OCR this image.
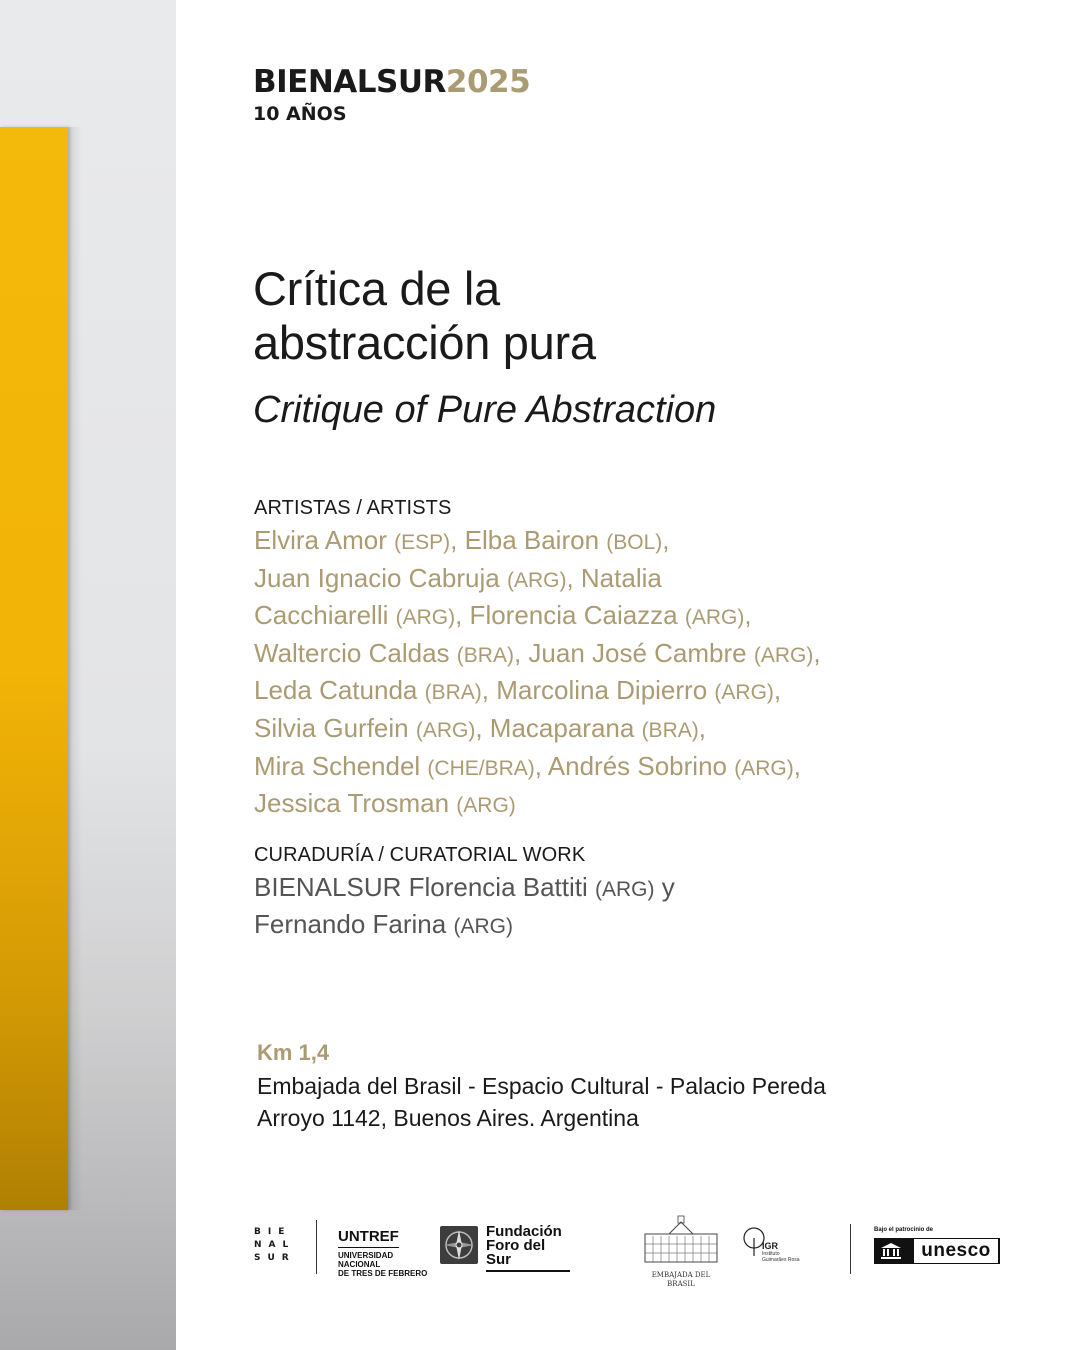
BIENALSUR2025
10 AÑOS
Crítica de la
abstracción pura
Critique of Pure Abstraction
ARTISTAS / ARTISTS
Elvira Amor (ESP), Elba Bairon (BOL),
Juan Ignacio Cabruja (ARG), Natalia
Cacchiarelli (ARG), Florencia Caiazza (ARG),
Waltercio Caldas (BRA), Juan José Cambre (ARG),
Leda Catunda (BRA), Marcolina Dipierro (ARG),
Silvia Gurfein (ARG), Macaparana (BRA),
Mira Schendel (CHE/BRA), Andrés Sobrino (ARG),
Jessica Trosman (ARG)
CURADURÍA / CURATORIAL WORK
BIENALSUR Florencia Battiti (ARG) y
Fernando Farina (ARG)
Km 1,4
Embajada del Brasil - Espacio Cultural - Palacio Pereda
Arroyo 1142, Buenos Aires. Argentina
BIE
NAL
SUR
UNTREF
UNIVERSIDAD NACIONAL
DE TRES DE FEBRERO
Fundación
Foro del
Sur
EMBAJADA DEL BRASIL
IGR
Instituto Guimarães Rosa
Bajo el patrocinio de
unesco
